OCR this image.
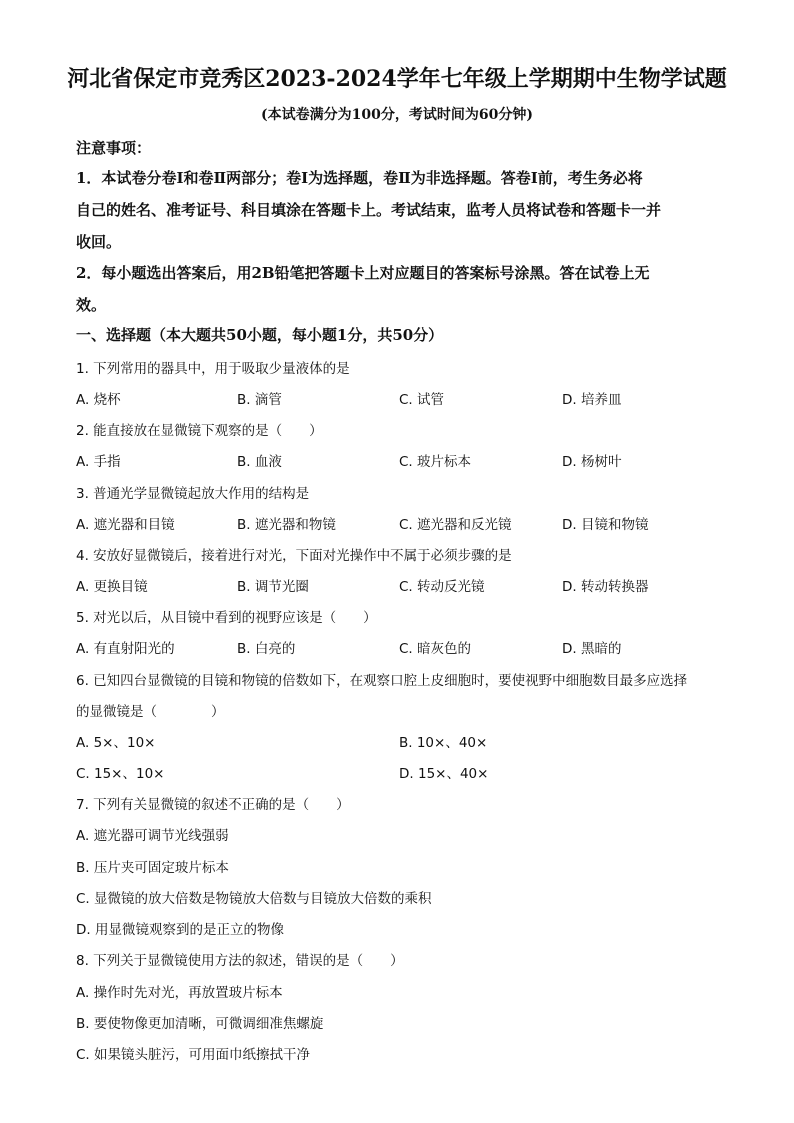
河北省保定市竞秀区2023-2024学年七年级上学期期中生物学试题
(本试卷满分为100分，考试时间为60分钟)
注意事项：
1．本试卷分卷Ⅰ和卷Ⅱ两部分；卷Ⅰ为选择题，卷Ⅱ为非选择题。答卷Ⅰ前，考生务必将
自己的姓名、准考证号、科目填涂在答题卡上。考试结束，监考人员将试卷和答题卡一并
收回。
2．每小题选出答案后，用2B铅笔把答题卡上对应题目的答案标号涂黑。答在试卷上无
效。
一、选择题（本大题共50小题，每小题1分，共50分）
1. 下列常用的器具中，用于吸取少量液体的是
A. 烧杯	B. 滴管	C. 试管	D. 培养皿
2. 能直接放在显微镜下观察的是（　　）
A. 手指	B. 血液	C. 玻片标本	D. 杨树叶
3. 普通光学显微镜起放大作用的结构是
A. 遮光器和目镜	B. 遮光器和物镜	C. 遮光器和反光镜	D. 目镜和物镜
4. 安放好显微镜后，接着进行对光，下面对光操作中不属于必须步骤的是
A. 更换目镜	B. 调节光圈	C. 转动反光镜	D. 转动转换器
5. 对光以后，从目镜中看到的视野应该是（　　）
A. 有直射阳光的	B. 白亮的	C. 暗灰色的	D. 黑暗的
6. 已知四台显微镜的目镜和物镜的倍数如下，在观察口腔上皮细胞时，要使视野中细胞数目最多应选择
的显微镜是（　　　　）
A. 5×、10×	B. 10×、40×
C. 15×、10×	D. 15×、40×
7. 下列有关显微镜的叙述不正确的是（　　）
A. 遮光器可调节光线强弱
B. 压片夹可固定玻片标本
C. 显微镜的放大倍数是物镜放大倍数与目镜放大倍数的乘积
D. 用显微镜观察到的是正立的物像
8. 下列关于显微镜使用方法的叙述，错误的是（　　）
A. 操作时先对光，再放置玻片标本
B. 要使物像更加清晰，可微调细准焦螺旋
C. 如果镜头脏污，可用面巾纸擦拭干净
